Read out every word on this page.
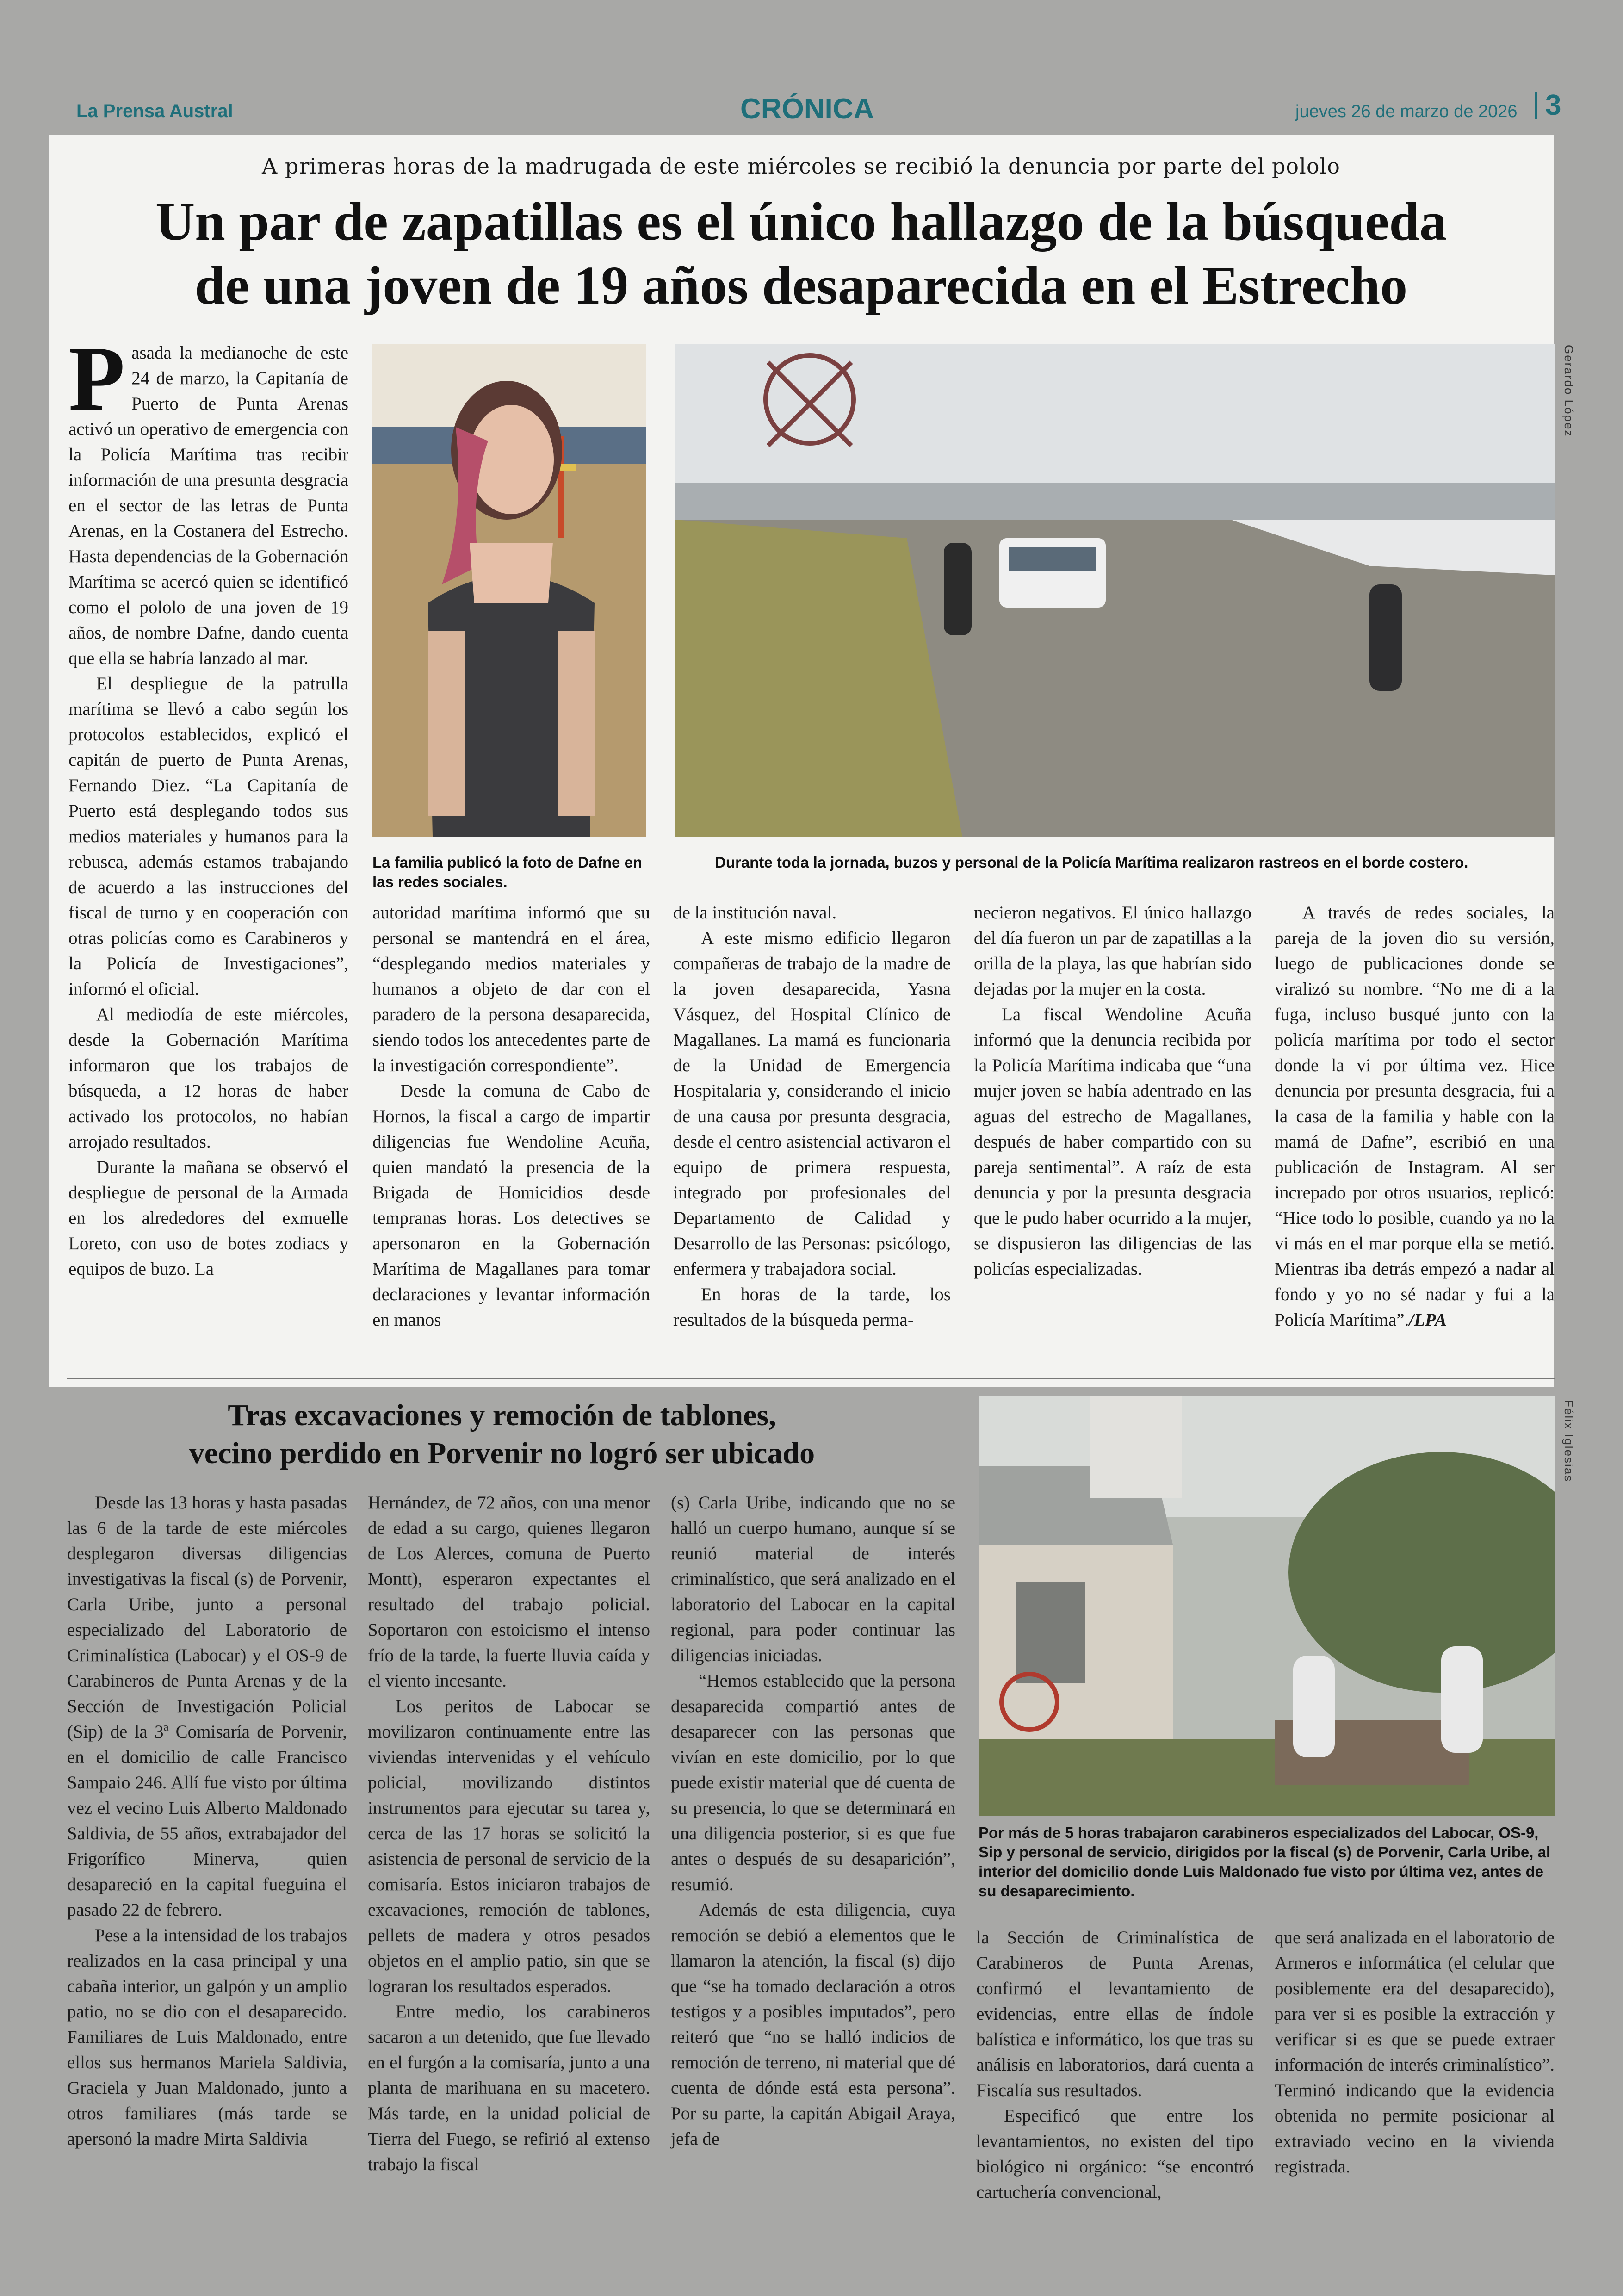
La Prensa Austral	CRÓNICA	jueves 26 de marzo de 2026 3
A primeras horas de la madrugada de este miércoles se recibió la denuncia por parte del pololo
Un par de zapatillas es el único hallazgo de la búsqueda
de una joven de 19 años desaparecida en el Estrecho
P asada la medianoche de este 24 de marzo, la Capitanía de Puerto de Punta Arenas activó un operativo de emergencia con la Policía Marítima tras recibir información de una presunta desgracia en el sector de las letras de Punta Arenas, en la Costanera del Estrecho. Hasta dependencias de la Gobernación Marítima se acercó quien se identificó como el pololo de una joven de 19 años, de nombre Dafne, dando cuenta que ella se habría lanzado al mar.

El despliegue de la patrulla marítima se llevó a cabo según los protocolos establecidos, explicó el capitán de puerto de Punta Arenas, Fernando Diez. “La Capitanía de Puerto está desplegando todos sus medios materiales y humanos para la rebusca, además estamos trabajando de acuerdo a las instrucciones del fiscal de turno y en cooperación con otras policías como es Carabineros y la Policía de Investigaciones”, informó el oficial.

Al mediodía de este miércoles, desde la Gobernación Marítima informaron que los trabajos de búsqueda, a 12 horas de haber activado los protocolos, no habían arrojado resultados.

Durante la mañana se observó el despliegue de personal de la Armada en los alrededores del exmuelle Loreto, con uso de botes zodiacs y equipos de buzo. La

Gerardo López
La familia publicó la foto de Dafne en las redes sociales.
Durante toda la jornada, buzos y personal de la Policía Marítima realizaron rastreos en el borde costero.

autoridad marítima informó que su personal se mantendrá en el área, “desplegando medios materiales y humanos a objeto de dar con el paradero de la persona desaparecida, siendo todos los antecedentes parte de la investigación correspondiente”.

Desde la comuna de Cabo de Hornos, la fiscal a cargo de impartir diligencias fue Wendoline Acuña, quien mandató la presencia de la Brigada de Homicidios desde tempranas horas. Los detectives se apersonaron en la Gobernación Marítima de Magallanes para tomar declaraciones y levantar información en manos

de la institución naval.

A este mismo edificio llegaron compañeras de trabajo de la madre de la joven desaparecida, Yasna Vásquez, del Hospital Clínico de Magallanes. La mamá es funcionaria de la Unidad de Emergencia Hospitalaria y, considerando el inicio de una causa por presunta desgracia, desde el centro asistencial activaron el equipo de primera respuesta, integrado por profesionales del Departamento de Calidad y Desarrollo de las Personas: psicólogo, enfermera y trabajadora social.

En horas de la tarde, los resultados de la búsqueda perma-

necieron negativos. El único hallazgo del día fueron un par de zapatillas a la orilla de la playa, las que habrían sido dejadas por la mujer en la costa.

La fiscal Wendoline Acuña informó que la denuncia recibida por la Policía Marítima indicaba que “una mujer joven se había adentrado en las aguas del estrecho de Magallanes, después de haber compartido con su pareja sentimental”. A raíz de esta denuncia y por la presunta desgracia que le pudo haber ocurrido a la mujer, se dispusieron las diligencias de las policías especializadas.

A través de redes sociales, la pareja de la joven dio su versión, luego de publicaciones donde se viralizó su nombre. “No me di a la fuga, incluso busqué junto con la policía marítima por todo el sector donde la vi por última vez. Hice denuncia por presunta desgracia, fui a la casa de la familia y hable con la mamá de Dafne”, escribió en una publicación de Instagram. Al ser increpado por otros usuarios, replicó: “Hice todo lo posible, cuando ya no la vi más en el mar porque ella se metió. Mientras iba detrás empezó a nadar al fondo y yo no sé nadar y fui a la Policía Marítima”./LPA

Tras excavaciones y remoción de tablones,
vecino perdido en Porvenir no logró ser ubicado	Félix Iglesias
Por más de 5 horas trabajaron carabineros especializados del Labocar, OS-9, Sip y personal de servicio, dirigidos por la fiscal (s) de Porvenir, Carla Uribe, al interior del domicilio donde Luis Maldonado fue visto por última vez, antes de su desaparecimiento.

Desde las 13 horas y hasta pasadas las 6 de la tarde de este miércoles desplegaron diversas diligencias investigativas la fiscal (s) de Porvenir, Carla Uribe, junto a personal especializado del Laboratorio de Criminalística (Labocar) y el OS-9 de Carabineros de Punta Arenas y de la Sección de Investigación Policial (Sip) de la 3ª Comisaría de Porvenir, en el domicilio de calle Francisco Sampaio 246. Allí fue visto por última vez el vecino Luis Alberto Maldonado Saldivia, de 55 años, extrabajador del Frigorífico Minerva, quien desapareció en la capital fueguina el pasado 22 de febrero.

Pese a la intensidad de los trabajos realizados en la casa principal y una cabaña interior, un galpón y un amplio patio, no se dio con el desaparecido. Familiares de Luis Maldonado, entre ellos sus hermanos Mariela Saldivia, Graciela y Juan Maldonado, junto a otros familiares (más tarde se apersonó la madre Mirta Saldivia

Hernández, de 72 años, con una menor de edad a su cargo, quienes llegaron de Los Alerces, comuna de Puerto Montt), esperaron expectantes el resultado del trabajo policial. Soportaron con estoicismo el intenso frío de la tarde, la fuerte lluvia caída y el viento incesante.

Los peritos de Labocar se movilizaron continuamente entre las viviendas intervenidas y el vehículo policial, movilizando distintos instrumentos para ejecutar su tarea y, cerca de las 17 horas se solicitó la asistencia de personal de servicio de la comisaría. Estos iniciaron trabajos de excavaciones, remoción de tablones, pellets de madera y otros pesados objetos en el amplio patio, sin que se lograran los resultados esperados.

Entre medio, los carabineros sacaron a un detenido, que fue llevado en el furgón a la comisaría, junto a una planta de marihuana en su macetero. Más tarde, en la unidad policial de Tierra del Fuego, se refirió al extenso trabajo la fiscal

(s) Carla Uribe, indicando que no se halló un cuerpo humano, aunque sí se reunió material de interés criminalístico, que será analizado en el laboratorio del Labocar en la capital regional, para poder continuar las diligencias iniciadas.

“Hemos establecido que la persona desaparecida compartió antes de desaparecer con las personas que vivían en este domicilio, por lo que puede existir material que dé cuenta de su presencia, lo que se determinará en una diligencia posterior, si es que fue antes o después de su desaparición”, resumió.

Además de esta diligencia, cuya remoción se debió a elementos que le llamaron la atención, la fiscal (s) dijo que “se ha tomado declaración a otros testigos y a posibles imputados”, pero reiteró que “no se halló indicios de remoción de terreno, ni material que dé cuenta de dónde está esta persona”. Por su parte, la capitán Abigail Araya, jefa de

la Sección de Criminalística de Carabineros de Punta Arenas, confirmó el levantamiento de evidencias, entre ellas de índole balística e informático, los que tras su análisis en laboratorios, dará cuenta a Fiscalía sus resultados.

Especificó que entre los levantamientos, no existen del tipo biológico ni orgánico: “se encontró cartuchería convencional,

que será analizada en el laboratorio de Armeros e informática (el celular que posiblemente era del desaparecido), para ver si es posible la extracción y verificar si es que se puede extraer información de interés criminalístico”. Terminó indicando que la evidencia obtenida no permite posicionar al extraviado vecino en la vivienda registrada.
